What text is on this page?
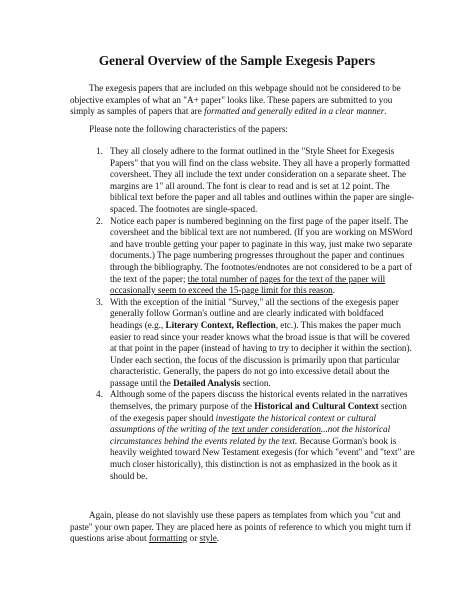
General Overview of the Sample Exegesis Papers

The exegesis papers that are included on this webpage should not be considered to be objective examples of what an "A+ paper" looks like. These papers are submitted to you simply as samples of papers that are formatted and generally edited in a clear manner.

Please note the following characteristics of the papers:

1. They all closely adhere to the format outlined in the "Style Sheet for Exegesis Papers" that you will find on the class website. They all have a properly formatted coversheet. They all include the text under consideration on a separate sheet. The margins are 1" all around. The font is clear to read and is set at 12 point. The biblical text before the paper and all tables and outlines within the paper are single-spaced. The footnotes are single-spaced.
2. Notice each paper is numbered beginning on the first page of the paper itself. The coversheet and the biblical text are not numbered. (If you are working on MSWord and have trouble getting your paper to paginate in this way, just make two separate documents.) The page numbering progresses throughout the paper and continues through the bibliography. The footnotes/endnotes are not considered to be a part of the text of the paper; the total number of pages for the text of the paper will occasionally seem to exceed the 15-page limit for this reason.
3. With the exception of the initial "Survey," all the sections of the exegesis paper generally follow Gorman's outline and are clearly indicated with boldfaced headings (e.g., Literary Context, Reflection, etc.). This makes the paper much easier to read since your reader knows what the broad issue is that will be covered at that point in the paper (instead of having to try to decipher it within the section). Under each section, the focus of the discussion is primarily upon that particular characteristic. Generally, the papers do not go into excessive detail about the passage until the Detailed Analysis section.
4. Although some of the papers discuss the historical events related in the narratives themselves, the primary purpose of the Historical and Cultural Context section of the exegesis paper should investigate the historical context or cultural assumptions of the writing of the text under consideration...not the historical circumstances behind the events related by the text. Because Gorman's book is heavily weighted toward New Testament exegesis (for which "event" and "text" are much closer historically), this distinction is not as emphasized in the book as it should be.

Again, please do not slavishly use these papers as templates from which you "cut and paste" your own paper. They are placed here as points of reference to which you might turn if questions arise about formatting or style.
